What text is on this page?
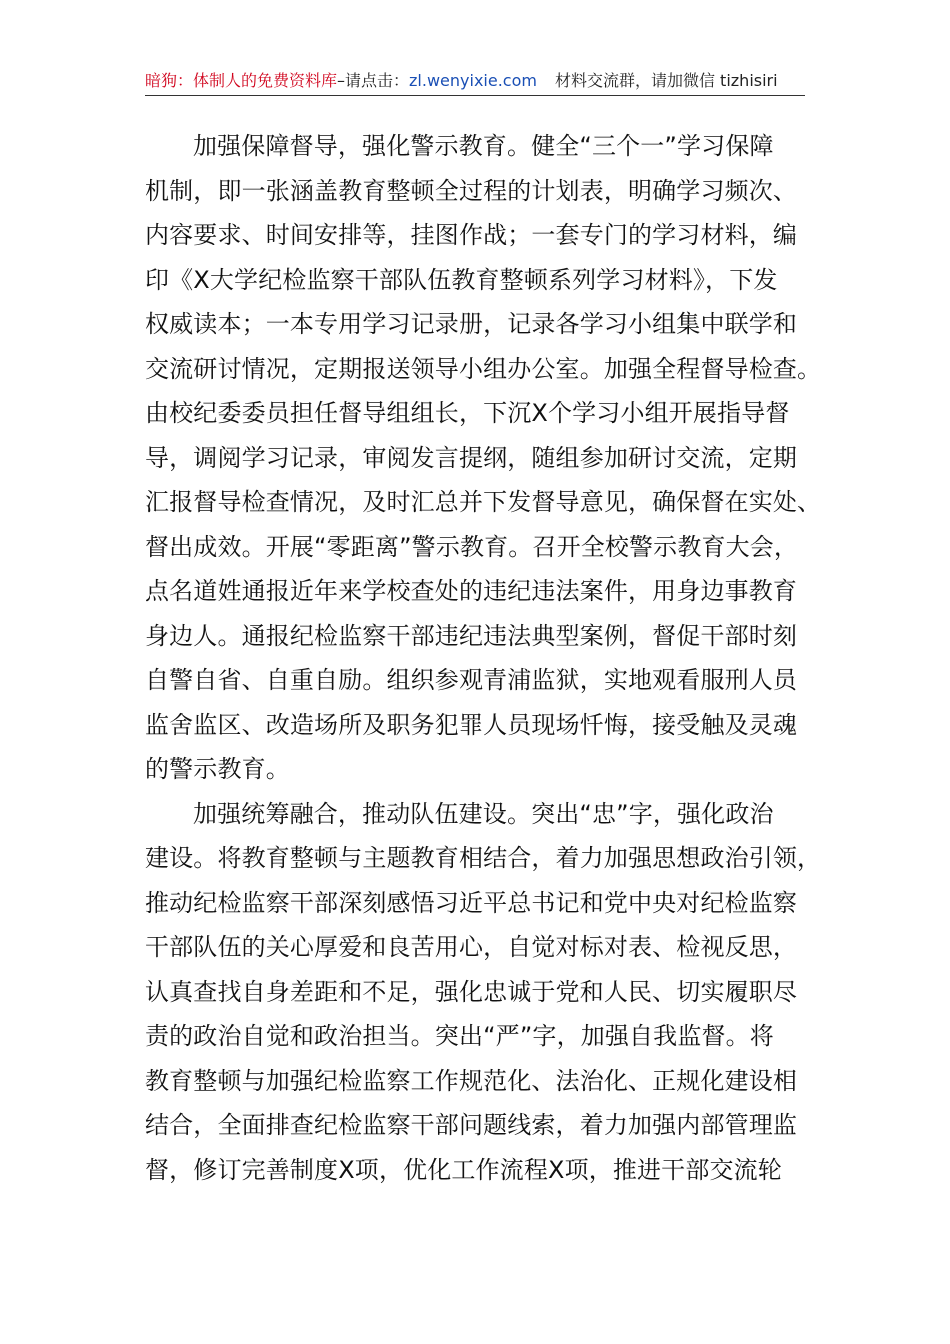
暗狗：体制人的免费资料库–请点击：zl.wenyixie.com 材料交流群，请加微信 tizhisiri
加强保障督导，强化警示教育。健全“三个一”学习保障
机制，即一张涵盖教育整顿全过程的计划表，明确学习频次、
内容要求、时间安排等，挂图作战；一套专门的学习材料，编
印《X大学纪检监察干部队伍教育整顿系列学习材料》，下发
权威读本；一本专用学习记录册，记录各学习小组集中联学和
交流研讨情况，定期报送领导小组办公室。加强全程督导检查。
由校纪委委员担任督导组组长，下沉X个学习小组开展指导督
导，调阅学习记录，审阅发言提纲，随组参加研讨交流，定期
汇报督导检查情况，及时汇总并下发督导意见，确保督在实处、
督出成效。开展“零距离”警示教育。召开全校警示教育大会，
点名道姓通报近年来学校查处的违纪违法案件，用身边事教育
身边人。通报纪检监察干部违纪违法典型案例，督促干部时刻
自警自省、自重自励。组织参观青浦监狱，实地观看服刑人员
监舍监区、改造场所及职务犯罪人员现场忏悔，接受触及灵魂
的警示教育。
加强统筹融合，推动队伍建设。突出“忠”字，强化政治
建设。将教育整顿与主题教育相结合，着力加强思想政治引领，
推动纪检监察干部深刻感悟习近平总书记和党中央对纪检监察
干部队伍的关心厚爱和良苦用心，自觉对标对表、检视反思，
认真查找自身差距和不足，强化忠诚于党和人民、切实履职尽
责的政治自觉和政治担当。突出“严”字，加强自我监督。将
教育整顿与加强纪检监察工作规范化、法治化、正规化建设相
结合，全面排查纪检监察干部问题线索，着力加强内部管理监
督，修订完善制度X项，优化工作流程X项，推进干部交流轮
